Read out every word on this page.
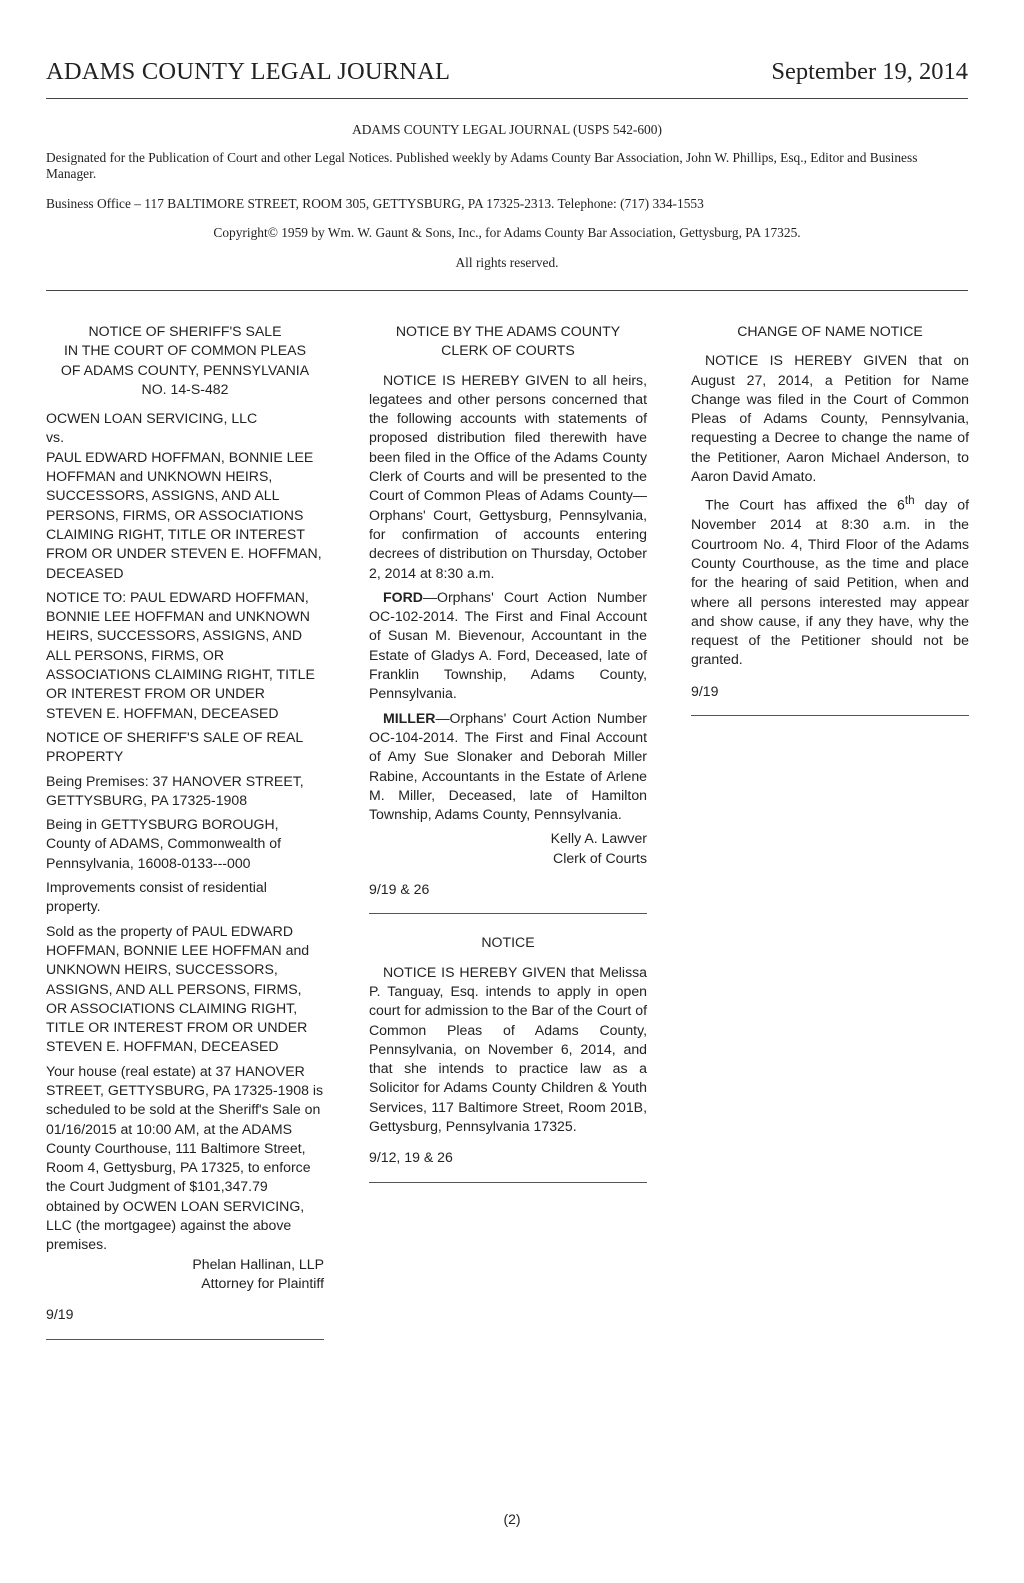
ADAMS COUNTY LEGAL JOURNAL	September 19, 2014
ADAMS COUNTY LEGAL JOURNAL (USPS 542-600)
Designated for the Publication of Court and other Legal Notices. Published weekly by Adams County Bar Association, John W. Phillips, Esq., Editor and Business Manager.
Business Office – 117 BALTIMORE STREET, ROOM 305, GETTYSBURG, PA 17325-2313. Telephone: (717) 334-1553
Copyright© 1959 by Wm. W. Gaunt & Sons, Inc., for Adams County Bar Association, Gettysburg, PA 17325.
All rights reserved.
NOTICE OF SHERIFF'S SALE
IN THE COURT OF COMMON PLEAS
OF ADAMS COUNTY, PENNSYLVANIA
NO. 14-S-482
OCWEN LOAN SERVICING, LLC
vs.
PAUL EDWARD HOFFMAN, BONNIE LEE HOFFMAN and UNKNOWN HEIRS, SUCCESSORS, ASSIGNS, AND ALL PERSONS, FIRMS, OR ASSOCIATIONS CLAIMING RIGHT, TITLE OR INTEREST FROM OR UNDER STEVEN E. HOFFMAN, DECEASED
NOTICE TO: PAUL EDWARD HOFFMAN, BONNIE LEE HOFFMAN and UNKNOWN HEIRS, SUCCESSORS, ASSIGNS, AND ALL PERSONS, FIRMS, OR ASSOCIATIONS CLAIMING RIGHT, TITLE OR INTEREST FROM OR UNDER STEVEN E. HOFFMAN, DECEASED
NOTICE OF SHERIFF'S SALE OF REAL PROPERTY
Being Premises: 37 HANOVER STREET, GETTYSBURG, PA 17325-1908
Being in GETTYSBURG BOROUGH, County of ADAMS, Commonwealth of Pennsylvania, 16008-0133---000
Improvements consist of residential property.
Sold as the property of PAUL EDWARD HOFFMAN, BONNIE LEE HOFFMAN and UNKNOWN HEIRS, SUCCESSORS, ASSIGNS, AND ALL PERSONS, FIRMS, OR ASSOCIATIONS CLAIMING RIGHT, TITLE OR INTEREST FROM OR UNDER STEVEN E. HOFFMAN, DECEASED
Your house (real estate) at 37 HANOVER STREET, GETTYSBURG, PA 17325-1908 is scheduled to be sold at the Sheriff's Sale on 01/16/2015 at 10:00 AM, at the ADAMS County Courthouse, 111 Baltimore Street, Room 4, Gettysburg, PA 17325, to enforce the Court Judgment of $101,347.79 obtained by OCWEN LOAN SERVICING, LLC (the mortgagee) against the above premises.
Phelan Hallinan, LLP
Attorney for Plaintiff
9/19
NOTICE BY THE ADAMS COUNTY
CLERK OF COURTS
NOTICE IS HEREBY GIVEN to all heirs, legatees and other persons concerned that the following accounts with statements of proposed distribution filed therewith have been filed in the Office of the Adams County Clerk of Courts and will be presented to the Court of Common Pleas of Adams County—Orphans' Court, Gettysburg, Pennsylvania, for confirmation of accounts entering decrees of distribution on Thursday, October 2, 2014 at 8:30 a.m.
FORD—Orphans' Court Action Number OC-102-2014. The First and Final Account of Susan M. Bievenour, Accountant in the Estate of Gladys A. Ford, Deceased, late of Franklin Township, Adams County, Pennsylvania.
MILLER—Orphans' Court Action Number OC-104-2014. The First and Final Account of Amy Sue Slonaker and Deborah Miller Rabine, Accountants in the Estate of Arlene M. Miller, Deceased, late of Hamilton Township, Adams County, Pennsylvania.
Kelly A. Lawver
Clerk of Courts
9/19 & 26
NOTICE
NOTICE IS HEREBY GIVEN that Melissa P. Tanguay, Esq. intends to apply in open court for admission to the Bar of the Court of Common Pleas of Adams County, Pennsylvania, on November 6, 2014, and that she intends to practice law as a Solicitor for Adams County Children & Youth Services, 117 Baltimore Street, Room 201B, Gettysburg, Pennsylvania 17325.
9/12, 19 & 26
CHANGE OF NAME NOTICE
NOTICE IS HEREBY GIVEN that on August 27, 2014, a Petition for Name Change was filed in the Court of Common Pleas of Adams County, Pennsylvania, requesting a Decree to change the name of the Petitioner, Aaron Michael Anderson, to Aaron David Amato.
The Court has affixed the 6th day of November 2014 at 8:30 a.m. in the Courtroom No. 4, Third Floor of the Adams County Courthouse, as the time and place for the hearing of said Petition, when and where all persons interested may appear and show cause, if any they have, why the request of the Petitioner should not be granted.
9/19
(2)
